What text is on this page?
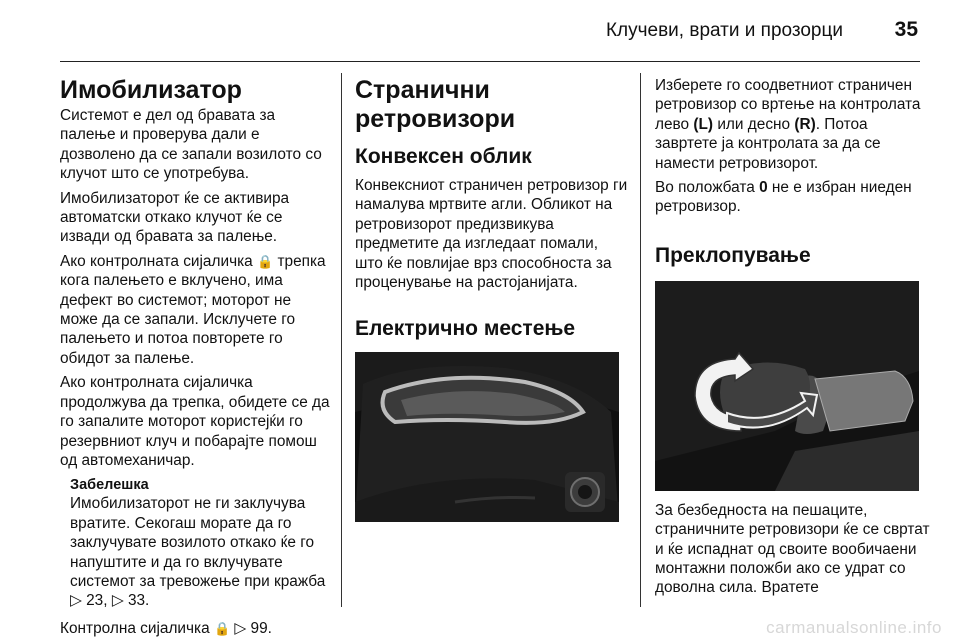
Клучеви, врати и прозорци 35
Имобилизатор

Системот е дел од бравата за палење и проверува дали е дозволено да се запали возилото со клучот што се употребува.

Имобилизаторот ќе се активира автоматски откако клучот ќе се извади од бравата за палење.

Ако контролната сијаличка 🔒 трепка кога палењето е вклучено, има дефект во системот; моторот не може да се запали. Исклучете го палењето и потоа повторете го обидот за палење.

Ако контролната сијаличка продолжува да трепка, обидете се да го запалите моторот користејќи го резервниот клуч и побарајте помош од автомеханичар.

Забелешка

Имобилизаторот не ги заклучува вратите. Секогаш морате да го заклучувате возилото откако ќе го напуштите и да го вклучувате системот за тревожење при кражба ▷ 23, ▷ 33.

Контролна сијаличка 🔒 ▷ 99.

Странични ретровизори
Конвексен облик

Конвексниот страничен ретровизор ги намалува мртвите агли. Обликот на ретровизорот предизвикува предметите да изгледаат помали, што ќе повлијае врз способноста за проценување на растојанијата.

Електрично местење

Изберете го соодветниот страничен ретровизор со вртење на контролата лево (L) или десно (R). Потоа завртете ја контролата за да се намести ретровизорот.

Во положбата 0 не е избран ниеден ретровизор.

Преклопување

За безбедноста на пешаците, страничните ретровизори ќе се свртат и ќе испаднат од своите вообичаени монтажни положби ако се удрат со доволна сила. Вратете

carmanualsonline.info
